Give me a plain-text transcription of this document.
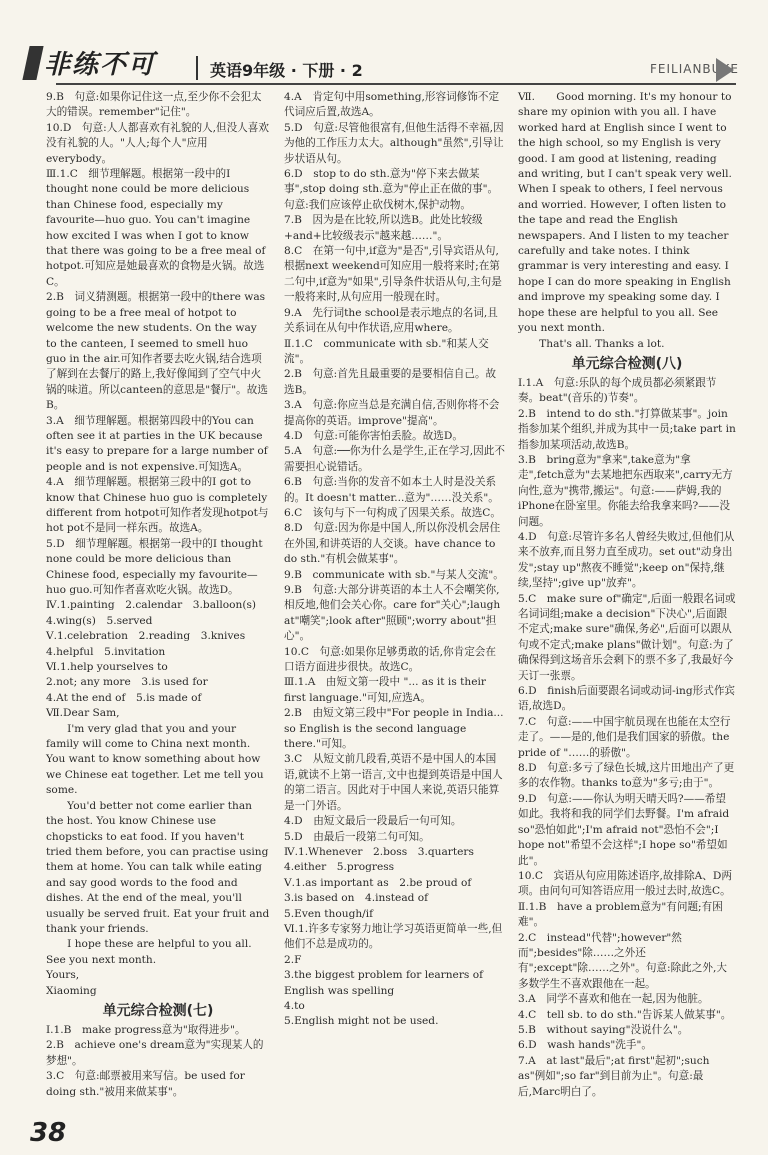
非练不可	英语9年级 · 下册 · 2	FEILIANBUKE

9.B　句意:如果你记住这一点,至少你不会犯太大的错误。remember"记住"。

10.D　句意:人人都喜欢有礼貌的人,但没人喜欢没有礼貌的人。"人人;每个人"应用everybody。

Ⅲ.1.C　细节理解题。根据第一段中的I thought none could be more delicious than Chinese food, especially my favourite—huo guo. You can't imagine how excited I was when I got to know that there was going to be a free meal of hotpot.可知应是她最喜欢的食物是火锅。故选C。

2.B　词义猜测题。根据第一段中的there was going to be a free meal of hotpot to welcome the new students. On the way to the canteen, I seemed to smell huo guo in the air.可知作者要去吃火锅,结合选项了解到在去餐厅的路上,我好像闻到了空气中火锅的味道。所以canteen的意思是"餐厅"。故选B。

3.A　细节理解题。根据第四段中的You can often see it at parties in the UK because it's easy to prepare for a large number of people and is not expensive.可知选A。

4.A　细节理解题。根据第三段中的I got to know that Chinese huo guo is completely different from hotpot可知作者发现hotpot与hot pot不是同一样东西。故选A。

5.D　细节理解题。根据第一段中的I thought none could be more delicious than Chinese food, especially my favourite—huo guo.可知作者喜欢吃火锅。故选D。

Ⅳ.1.painting　2.calendar　3.balloon(s)

4.wing(s)　5.served

Ⅴ.1.celebration　2.reading　3.knives

4.helpful　5.invitation

Ⅵ.1.help yourselves to

2.not; any more　3.is used for

4.At the end of　5.is made of

Ⅶ.Dear Sam,

　　I'm very glad that you and your family will come to China next month. You want to know something about how we Chinese eat together. Let me tell you some.

　　You'd better not come earlier than the host. You know Chinese use chopsticks to eat food. If you haven't tried them before, you can practise using them at home. You can talk while eating and say good words to the food and dishes. At the end of the meal, you'll usually be served fruit. Eat your fruit and thank your friends.

　　I hope these are helpful to you all. See you next month.

Yours,

Xiaoming

单元综合检测(七)

Ⅰ.1.B　make progress意为"取得进步"。

2.B　achieve one's dream意为"实现某人的梦想"。

3.C　句意:邮票被用来写信。be used for doing sth."被用来做某事"。

4.A　肯定句中用something,形容词修饰不定代词应后置,故选A。

5.D　句意:尽管他很富有,但他生活得不幸福,因为他的工作压力太大。although"虽然",引导让步状语从句。

6.D　stop to do sth.意为"停下来去做某事",stop doing sth.意为"停止正在做的事"。句意:我们应该停止砍伐树木,保护动物。

7.B　因为是在比较,所以选B。此处比较级+and+比较级表示"越来越……"。

8.C　在第一句中,if意为"是否",引导宾语从句,根据next weekend可知应用一般将来时;在第二句中,if意为"如果",引导条件状语从句,主句是一般将来时,从句应用一般现在时。

9.A　先行词the school是表示地点的名词,且关系词在从句中作状语,应用where。

Ⅱ.1.C　communicate with sb."和某人交流"。

2.B　句意:首先且最重要的是要相信自己。故选B。

3.A　句意:你应当总是充满自信,否则你将不会提高你的英语。improve"提高"。

4.D　句意:可能你害怕丢脸。故选D。

5.A　句意:──你为什么是学生,正在学习,因此不需要担心说错话。

6.B　句意:当你的发音不如本土人时是没关系的。It doesn't matter...意为"……没关系"。

6.C　该句与下一句构成了因果关系。故选C。

8.D　句意:因为你是中国人,所以你没机会居住在外国,和讲英语的人交谈。have chance to do sth."有机会做某事"。

9.B　communicate with sb."与某人交流"。

9.B　句意:大部分讲英语的本土人不会嘲笑你,相反地,他们会关心你。care for"关心";laugh at"嘲笑";look after"照顾";worry about"担心"。

10.C　句意:如果你足够勇敢的话,你肯定会在口语方面进步很快。故选C。

Ⅲ.1.A　由短文第一段中 "... as it is their first language."可知,应选A。

2.B　由短文第三段中"For people in India... so English is the second language there."可知。

3.C　从短文前几段看,英语不是中国人的本国语,就读不上第一语言,文中也提到英语是中国人的第二语言。因此对于中国人来说,英语只能算是一门外语。

4.D　由短文最后一段最后一句可知。

5.D　由最后一段第二句可知。

Ⅳ.1.Whenever　2.boss　3.quarters

4.either　5.progress

Ⅴ.1.as important as　2.be proud of

3.is based on　4.instead of

5.Even though/if

Ⅵ.1.许多专家努力地让学习英语更简单一些,但他们不总是成功的。

2.F

3.the biggest problem for learners of English was spelling

4.to

5.English might not be used.

Ⅶ.　　Good morning. It's my honour to share my opinion with you all. I have worked hard at English since I went to the high school, so my English is very good. I am good at listening, reading and writing, but I can't speak very well. When I speak to others, I feel nervous and worried. However, I often listen to the tape and read the English newspapers. And I listen to my teacher carefully and take notes. I think grammar is very interesting and easy. I hope I can do more speaking in English and improve my speaking some day. I hope these are helpful to you all. See you next month.

　　That's all. Thanks a lot.

单元综合检测(八)

Ⅰ.1.A　句意:乐队的每个成员都必须紧跟节奏。beat"(音乐的)节奏"。

2.B　intend to do sth."打算做某事"。join指参加某个组织,并成为其中一员;take part in指参加某项活动,故选B。

3.B　bring意为"拿来",take意为"拿走",fetch意为"去某地把东西取来",carry无方向性,意为"携带,搬运"。句意:——萨姆,我的iPhone在卧室里。你能去给我拿来吗?——没问题。

4.D　句意:尽管许多名人曾经失败过,但他们从来不放弃,而且努力直至成功。set out"动身出发";stay up"熬夜不睡觉";keep on"保持,继续,坚持";give up"放弃"。

5.C　make sure of"确定",后面一般跟名词或名词词组;make a decision"下决心",后面跟不定式;make sure"确保,务必",后面可以跟从句或不定式;make plans"做计划"。句意:为了确保得到这场音乐会剩下的票不多了,我最好今天订一张票。

6.D　finish后面要跟名词或动词-ing形式作宾语,故选D。

7.C　句意:——中国宇航员现在也能在太空行走了。——是的,他们是我们国家的骄傲。the pride of "……的骄傲"。

8.D　句意:多亏了绿色长城,这片田地出产了更多的农作物。thanks to意为"多亏;由于"。

9.D　句意:——你认为明天晴天吗?——希望如此。我将和我的同学们去野餐。I'm afraid so"恐怕如此";I'm afraid not"恐怕不会";I hope not"希望不会这样";I hope so"希望如此"。

10.C　宾语从句应用陈述语序,故排除A、D两项。由问句可知答语应用一般过去时,故选C。

Ⅱ.1.B　have a problem意为"有问题;有困难"。

2.C　instead"代替";however"然而";besides"除……之外还有";except"除……之外"。句意:除此之外,大多数学生不喜欢跟他在一起。

3.A　同学不喜欢和他在一起,因为他脏。

4.C　tell sb. to do sth."告诉某人做某事"。

5.B　without saying"没说什么"。

6.D　wash hands"洗手"。

7.A　at last"最后";at first"起初";such as"例如";so far"到目前为止"。句意:最后,Marc明白了。

38
